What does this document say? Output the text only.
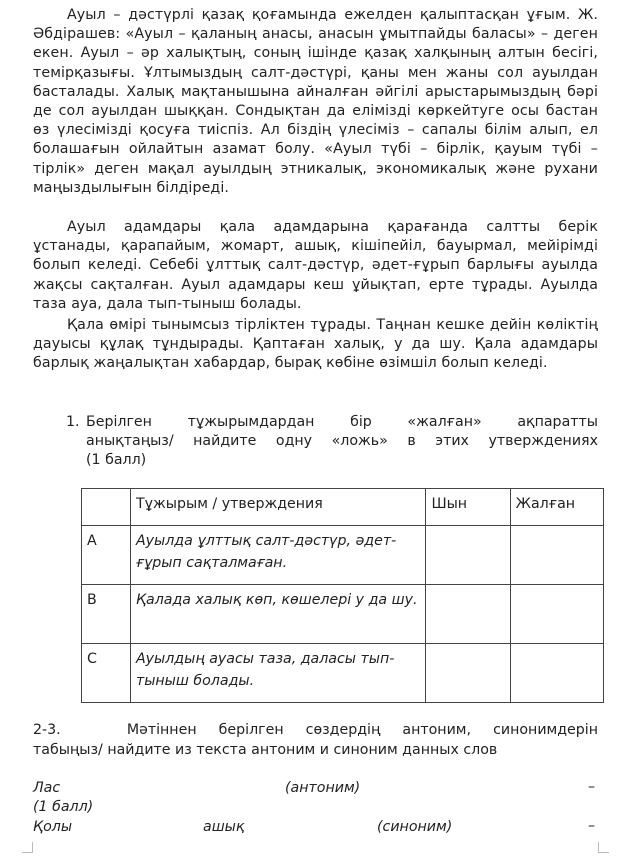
Ауыл – дәстүрлі қазақ қоғамында ежелден қалыптасқан ұғым. Ж. Әбдірашев: «Ауыл – қаланың анасы, анасын ұмытпайды баласы» – деген екен. Ауыл – әр халықтың, соның ішінде қазақ халқының алтын бесігі, темірқазығы. Ұлтымыздың салт-дәстүрі, қаны мен жаны сол ауылдан басталады. Халық мақтанышына айналған әйгілі арыстарымыздың бәрі де сол ауылдан шыққан. Сондықтан да елімізді көркейтуге осы бастан өз үлесімізді қосуға тиіспіз. Ал біздің үлесіміз – сапалы білім алып, ел болашағын ойлайтын азамат болу. «Ауыл түбі – бірлік, қауым түбі – тірлік» деген мақал ауылдың этникалық, экономикалық және рухани маңыздылығын білдіреді.

Ауыл адамдары қала адамдарына қарағанда салтты берік ұстанады, қарапайым, жомарт, ашық, кішіпейіл, бауырмал, мейірімді болып келеді. Себебі ұлттық салт-дәстүр, әдет-ғұрып барлығы ауылда жақсы сақталған. Ауыл адамдары кеш ұйықтап, ерте тұрады. Ауылда таза ауа, дала тып-тыныш болады.

Қала өмірі тынымсыз тірліктен тұрады. Таңнан кешке дейін көліктің дауысы құлақ тұндырады. Қаптаған халық, у да шу. Қала адамдары барлық жаңалықтан хабардар, бырақ көбіне өзімшіл болып келеді.

1. Берілген тұжырымдардан бір «жалған» ақпаратты
анықтаңыз/ найдите одну «ложь» в этих утверждениях
(1 балл)
	Тұжырым / утверждения	Шын	Жалған
A	Ауылда ұлттық салт-дәстүр, әдет-ғұрып сақталмаған.		
B	Қалада халық көп, көшелері у да шу.		
C	Ауылдың ауасы таза, даласы тып-тыныш болады.		
2-3.	Мәтіннен берілген сөздердің антоним, синонимдерін
табыңыз/ найдите из текста антоним и синоним данных слов
Лас	(антоним)	–
(1 балл)
Қолы	ашық	(синоним)	–
